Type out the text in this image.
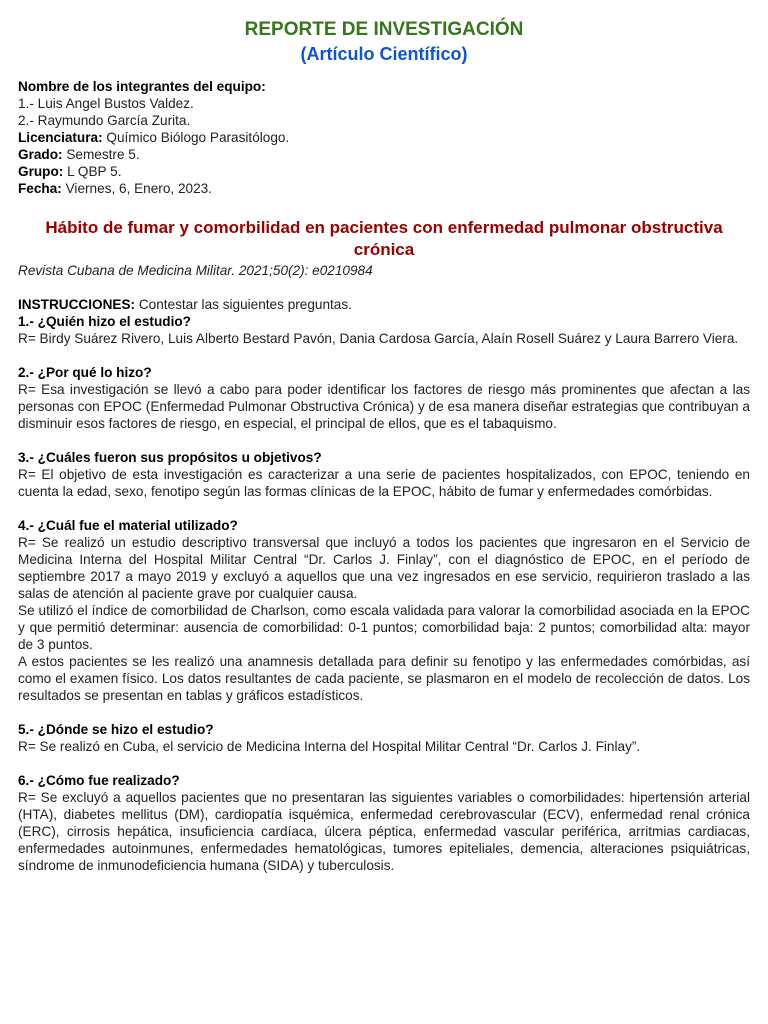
REPORTE DE INVESTIGACIÓN
(Artículo Científico)
Nombre de los integrantes del equipo:
1.- Luis Angel Bustos Valdez.
2.- Raymundo García Zurita.
Licenciatura: Químico Biólogo Parasitólogo.
Grado: Semestre 5.
Grupo: L QBP 5.
Fecha: Viernes, 6, Enero, 2023.
Hábito de fumar y comorbilidad en pacientes con enfermedad pulmonar obstructiva crónica
Revista Cubana de Medicina Militar. 2021;50(2): e0210984
INSTRUCCIONES: Contestar las siguientes preguntas.

1.- ¿Quién hizo el estudio?

R= Birdy Suárez Rivero, Luis Alberto Bestard Pavón, Dania Cardosa García, Alaín Rosell Suárez y Laura Barrero Viera.

2.- ¿Por qué lo hizo?

R= Esa investigación se llevó a cabo para poder identificar los factores de riesgo más prominentes que afectan a las personas con EPOC (Enfermedad Pulmonar Obstructiva Crónica) y de esa manera diseñar estrategias que contribuyan a disminuir esos factores de riesgo, en especial, el principal de ellos, que es el tabaquismo.

3.- ¿Cuáles fueron sus propósitos u objetivos?

R= El objetivo de esta investigación es caracterizar a una serie de pacientes hospitalizados, con EPOC, teniendo en cuenta la edad, sexo, fenotipo según las formas clínicas de la EPOC, hábito de fumar y enfermedades comórbidas.

4.- ¿Cuál fue el material utilizado?

R= Se realizó un estudio descriptivo transversal que incluyó a todos los pacientes que ingresaron en el Servicio de Medicina Interna del Hospital Militar Central “Dr. Carlos J. Finlay”, con el diagnóstico de EPOC, en el período de septiembre 2017 a mayo 2019 y excluyó a aquellos que una vez ingresados en ese servicio, requirieron traslado a las salas de atención al paciente grave por cualquier causa.

Se utilizó el índice de comorbilidad de Charlson, como escala validada para valorar la comorbilidad asociada en la EPOC y que permitió determinar: ausencia de comorbilidad: 0-1 puntos; comorbilidad baja: 2 puntos; comorbilidad alta: mayor de 3 puntos.

A estos pacientes se les realizó una anamnesis detallada para definir su fenotipo y las enfermedades comórbidas, así como el examen físico. Los datos resultantes de cada paciente, se plasmaron en el modelo de recolección de datos. Los resultados se presentan en tablas y gráficos estadísticos.

5.- ¿Dónde se hizo el estudio?

R= Se realizó en Cuba, el servicio de Medicina Interna del Hospital Militar Central “Dr. Carlos J. Finlay”.

6.- ¿Cómo fue realizado?

R= Se excluyó a aquellos pacientes que no presentaran las siguientes variables o comorbilidades: hipertensión arterial (HTA), diabetes mellitus (DM), cardiopatía isquémica, enfermedad cerebrovascular (ECV), enfermedad renal crónica (ERC), cirrosis hepática, insuficiencia cardíaca, úlcera péptica, enfermedad vascular periférica, arritmias cardiacas, enfermedades autoinmunes, enfermedades hematológicas, tumores epiteliales, demencia, alteraciones psiquiátricas, síndrome de inmunodeficiencia humana (SIDA) y tuberculosis.
